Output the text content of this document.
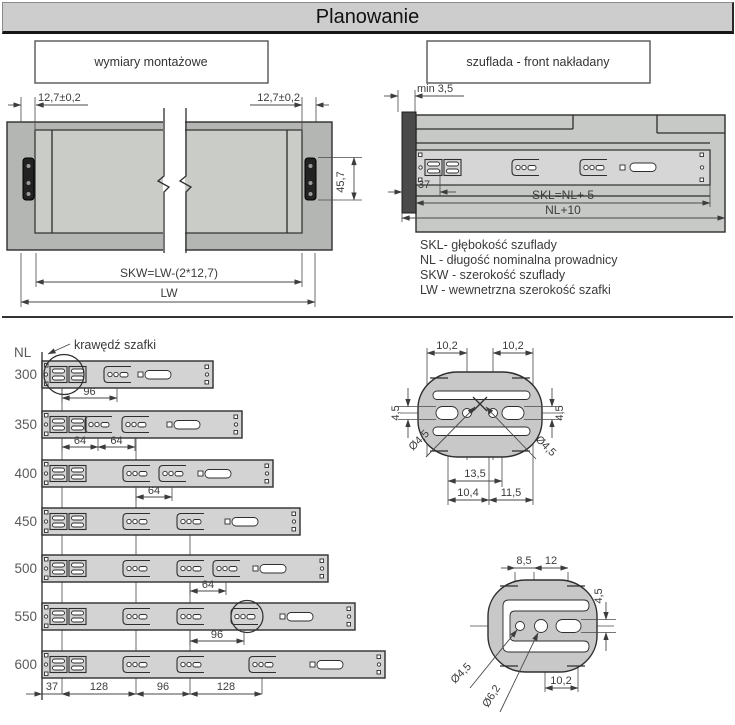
Planowanie
wymiary montażowe
12,7±0,2	12,7±0,2
45,7
SKW=LW-(2*12,7)
LW
szuflada - front nakładany
min 3,5
37
SKL=NL+ 5
NL+10
SKL- głębokość szuflady
NL - długość nominalna prowadnicy
SKW - szerokość szuflady
LW - wewnetrzna szerokość szafki
NL	krawędź szafki
300
96
350
64 64
400
64
450
500
64
550
96
600
37	128	96	128
Ø4,5	Ø4,5
4,5	4,5
10,2	10,2
13,5
10,4 11,5
8,5 12
4,5
Ø4,5
Ø6,2
10,2
